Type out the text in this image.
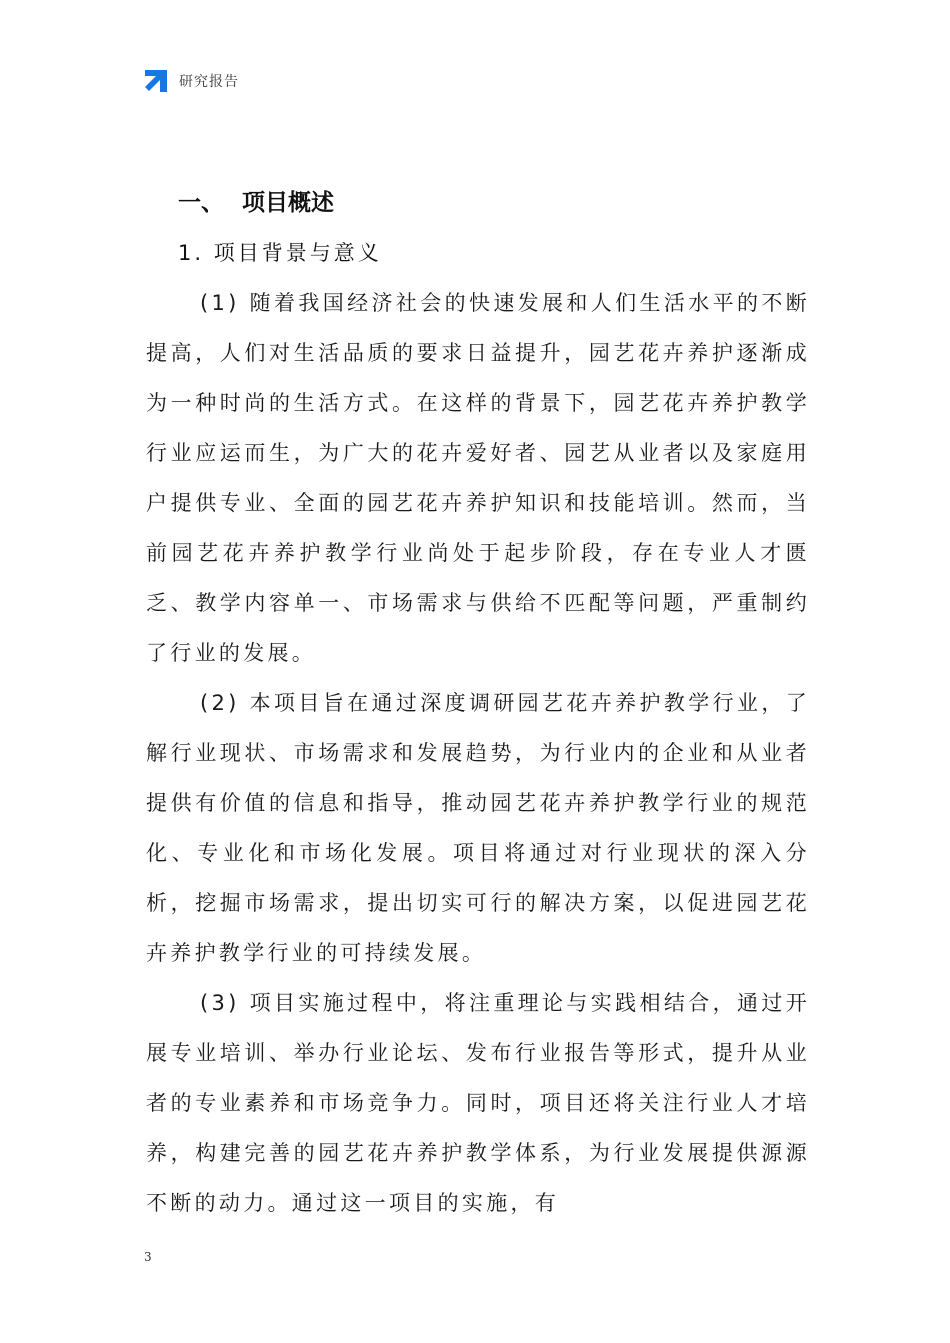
研究报告
一、 项目概述
1. 项目背景与意义

(1) 随着我国经济社会的快速发展和人们生活水平的不断提高，人们对生活品质的要求日益提升，园艺花卉养护逐渐成为一种时尚的生活方式。在这样的背景下，园艺花卉养护教学行业应运而生，为广大的花卉爱好者、园艺从业者以及家庭用户提供专业、全面的园艺花卉养护知识和技能培训。然而，当前园艺花卉养护教学行业尚处于起步阶段，存在专业人才匮乏、教学内容单一、市场需求与供给不匹配等问题，严重制约了行业的发展。

(2) 本项目旨在通过深度调研园艺花卉养护教学行业，了解行业现状、市场需求和发展趋势，为行业内的企业和从业者提供有价值的信息和指导，推动园艺花卉养护教学行业的规范化、专业化和市场化发展。项目将通过对行业现状的深入分析，挖掘市场需求，提出切实可行的解决方案，以促进园艺花卉养护教学行业的可持续发展。

(3) 项目实施过程中，将注重理论与实践相结合，通过开展专业培训、举办行业论坛、发布行业报告等形式，提升从业者的专业素养和市场竞争力。同时，项目还将关注行业人才培养，构建完善的园艺花卉养护教学体系，为行业发展提供源源不断的动力。通过这一项目的实施，有

3
